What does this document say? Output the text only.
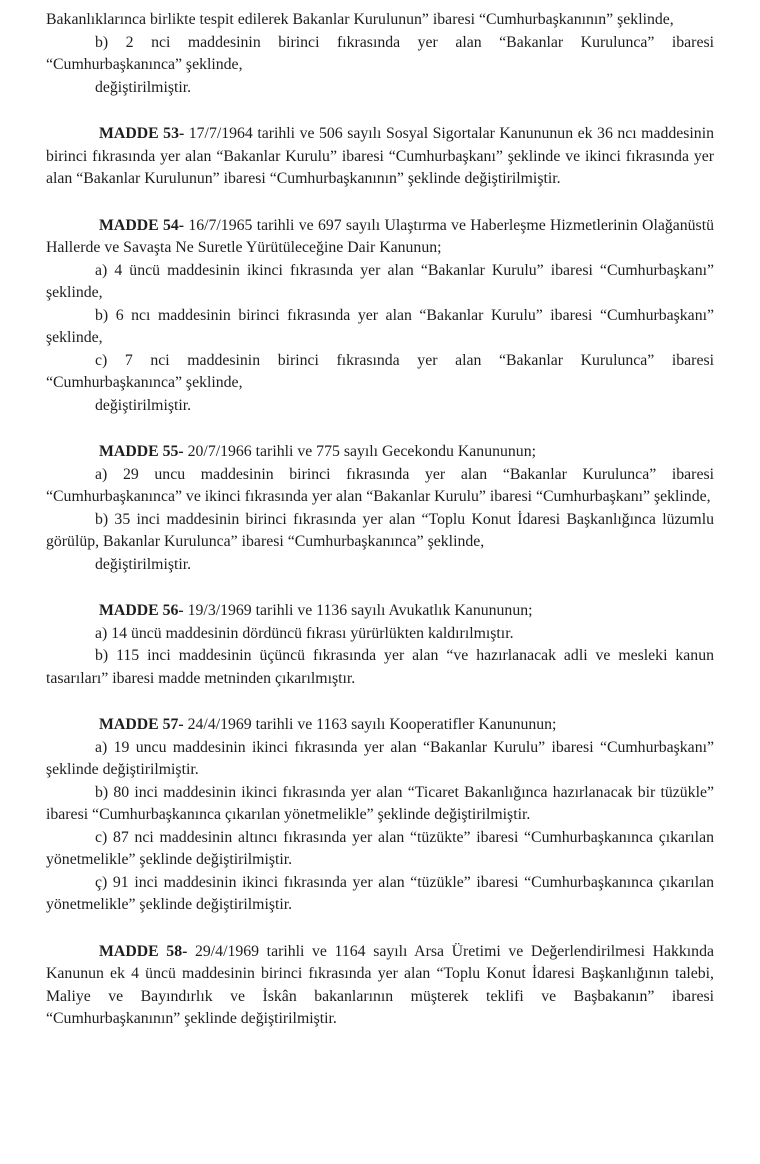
Bakanlıklarınca birlikte tespit edilerek Bakanlar Kurulunun” ibaresi “Cumhurbaşkanının” şeklinde,

b) 2 nci maddesinin birinci fıkrasında yer alan “Bakanlar Kurulunca” ibaresi “Cumhurbaşkanınca” şeklinde,

değiştirilmiştir.

MADDE 53- 17/7/1964 tarihli ve 506 sayılı Sosyal Sigortalar Kanununun ek 36 ncı maddesinin birinci fıkrasında yer alan “Bakanlar Kurulu” ibaresi “Cumhurbaşkanı” şeklinde ve ikinci fıkrasında yer alan “Bakanlar Kurulunun” ibaresi “Cumhurbaşkanının” şeklinde değiştirilmiştir.

MADDE 54- 16/7/1965 tarihli ve 697 sayılı Ulaştırma ve Haberleşme Hizmetlerinin Olağanüstü Hallerde ve Savaşta Ne Suretle Yürütüleceğine Dair Kanunun;

a) 4 üncü maddesinin ikinci fıkrasında yer alan “Bakanlar Kurulu” ibaresi “Cumhurbaşkanı” şeklinde,

b) 6 ncı maddesinin birinci fıkrasında yer alan “Bakanlar Kurulu” ibaresi “Cumhurbaşkanı” şeklinde,

c) 7 nci maddesinin birinci fıkrasında yer alan “Bakanlar Kurulunca” ibaresi “Cumhurbaşkanınca” şeklinde,

değiştirilmiştir.

MADDE 55- 20/7/1966 tarihli ve 775 sayılı Gecekondu Kanununun;

a) 29 uncu maddesinin birinci fıkrasında yer alan “Bakanlar Kurulunca” ibaresi “Cumhurbaşkanınca” ve ikinci fıkrasında yer alan “Bakanlar Kurulu” ibaresi “Cumhurbaşkanı” şeklinde,

b) 35 inci maddesinin birinci fıkrasında yer alan “Toplu Konut İdaresi Başkanlığınca lüzumlu görülüp, Bakanlar Kurulunca” ibaresi “Cumhurbaşkanınca” şeklinde,

değiştirilmiştir.

MADDE 56- 19/3/1969 tarihli ve 1136 sayılı Avukatlık Kanununun;

a) 14 üncü maddesinin dördüncü fıkrası yürürlükten kaldırılmıştır.

b) 115 inci maddesinin üçüncü fıkrasında yer alan “ve hazırlanacak adli ve mesleki kanun tasarıları” ibaresi madde metninden çıkarılmıştır.

MADDE 57- 24/4/1969 tarihli ve 1163 sayılı Kooperatifler Kanununun;

a) 19 uncu maddesinin ikinci fıkrasında yer alan “Bakanlar Kurulu” ibaresi “Cumhurbaşkanı” şeklinde değiştirilmiştir.

b) 80 inci maddesinin ikinci fıkrasında yer alan “Ticaret Bakanlığınca hazırlanacak bir tüzükle” ibaresi “Cumhurbaşkanınca çıkarılan yönetmelikle” şeklinde değiştirilmiştir.

c) 87 nci maddesinin altıncı fıkrasında yer alan “tüzükte” ibaresi “Cumhurbaşkanınca çıkarılan yönetmelikle” şeklinde değiştirilmiştir.

ç) 91 inci maddesinin ikinci fıkrasında yer alan “tüzükle” ibaresi “Cumhurbaşkanınca çıkarılan yönetmelikle” şeklinde değiştirilmiştir.

MADDE 58- 29/4/1969 tarihli ve 1164 sayılı Arsa Üretimi ve Değerlendirilmesi Hakkında Kanunun ek 4 üncü maddesinin birinci fıkrasında yer alan “Toplu Konut İdaresi Başkanlığının talebi, Maliye ve Bayındırlık ve İskân bakanlarının müşterek teklifi ve Başbakanın” ibaresi “Cumhurbaşkanının” şeklinde değiştirilmiştir.
